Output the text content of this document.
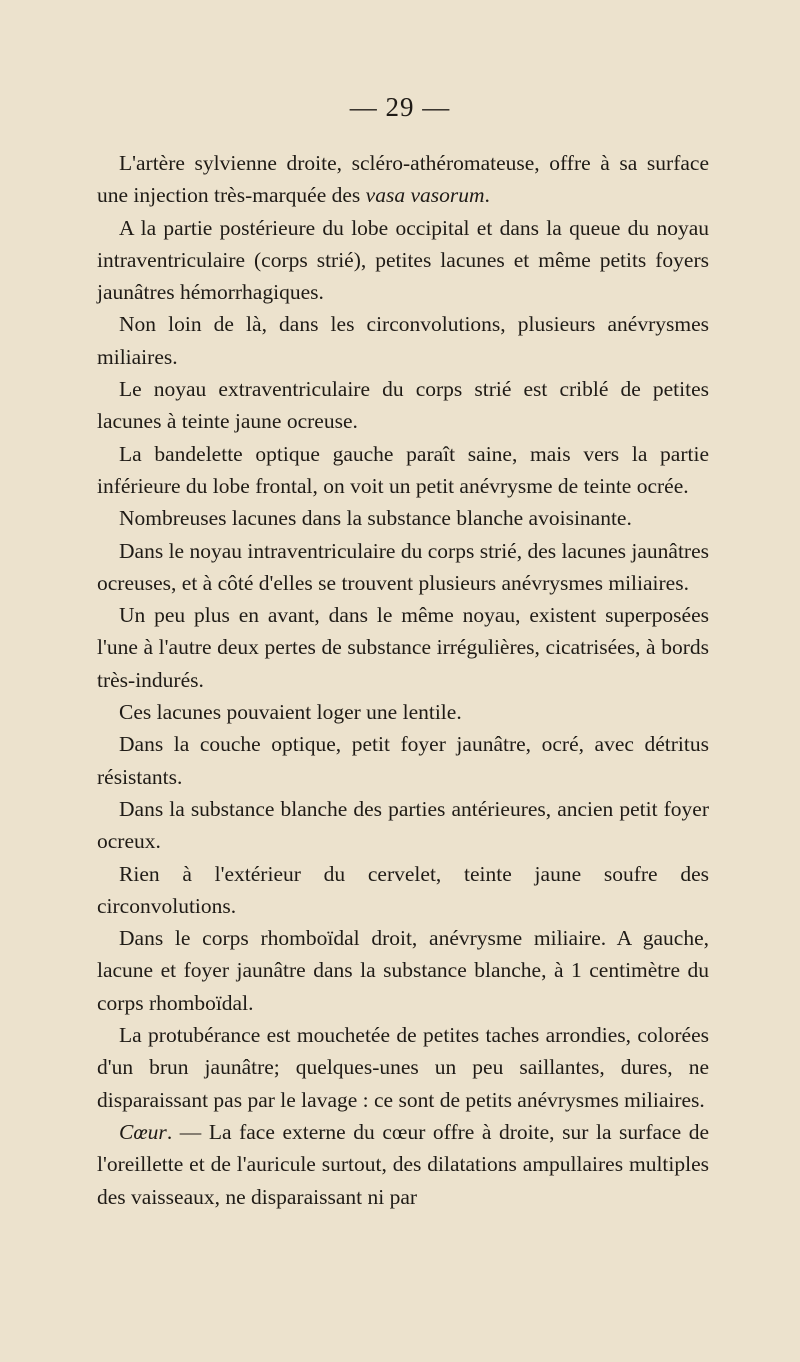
— 29 —

L'artère sylvienne droite, scléro-athéromateuse, offre à sa surface une injection très-marquée des vasa vasorum.

A la partie postérieure du lobe occipital et dans la queue du noyau intraventriculaire (corps strié), petites lacunes et même petits foyers jaunâtres hémorrhagiques.

Non loin de là, dans les circonvolutions, plusieurs anévrysmes miliaires.

Le noyau extraventriculaire du corps strié est criblé de petites lacunes à teinte jaune ocreuse.

La bandelette optique gauche paraît saine, mais vers la partie inférieure du lobe frontal, on voit un petit anévrysme de teinte ocrée.

Nombreuses lacunes dans la substance blanche avoisinante.

Dans le noyau intraventriculaire du corps strié, des lacunes jaunâtres ocreuses, et à côté d'elles se trouvent plusieurs anévrysmes miliaires.

Un peu plus en avant, dans le même noyau, existent superposées l'une à l'autre deux pertes de substance irrégulières, cicatrisées, à bords très-indurés.

Ces lacunes pouvaient loger une lentile.

Dans la couche optique, petit foyer jaunâtre, ocré, avec détritus résistants.

Dans la substance blanche des parties antérieures, ancien petit foyer ocreux.

Rien à l'extérieur du cervelet, teinte jaune soufre des circonvolutions.

Dans le corps rhomboïdal droit, anévrysme miliaire. A gauche, lacune et foyer jaunâtre dans la substance blanche, à 1 centimètre du corps rhomboïdal.

La protubérance est mouchetée de petites taches arrondies, colorées d'un brun jaunâtre; quelques-unes un peu saillantes, dures, ne disparaissant pas par le lavage : ce sont de petits anévrysmes miliaires.

Cœur. — La face externe du cœur offre à droite, sur la surface de l'oreillette et de l'auricule surtout, des dilatations ampullaires multiples des vaisseaux, ne disparaissant ni par
